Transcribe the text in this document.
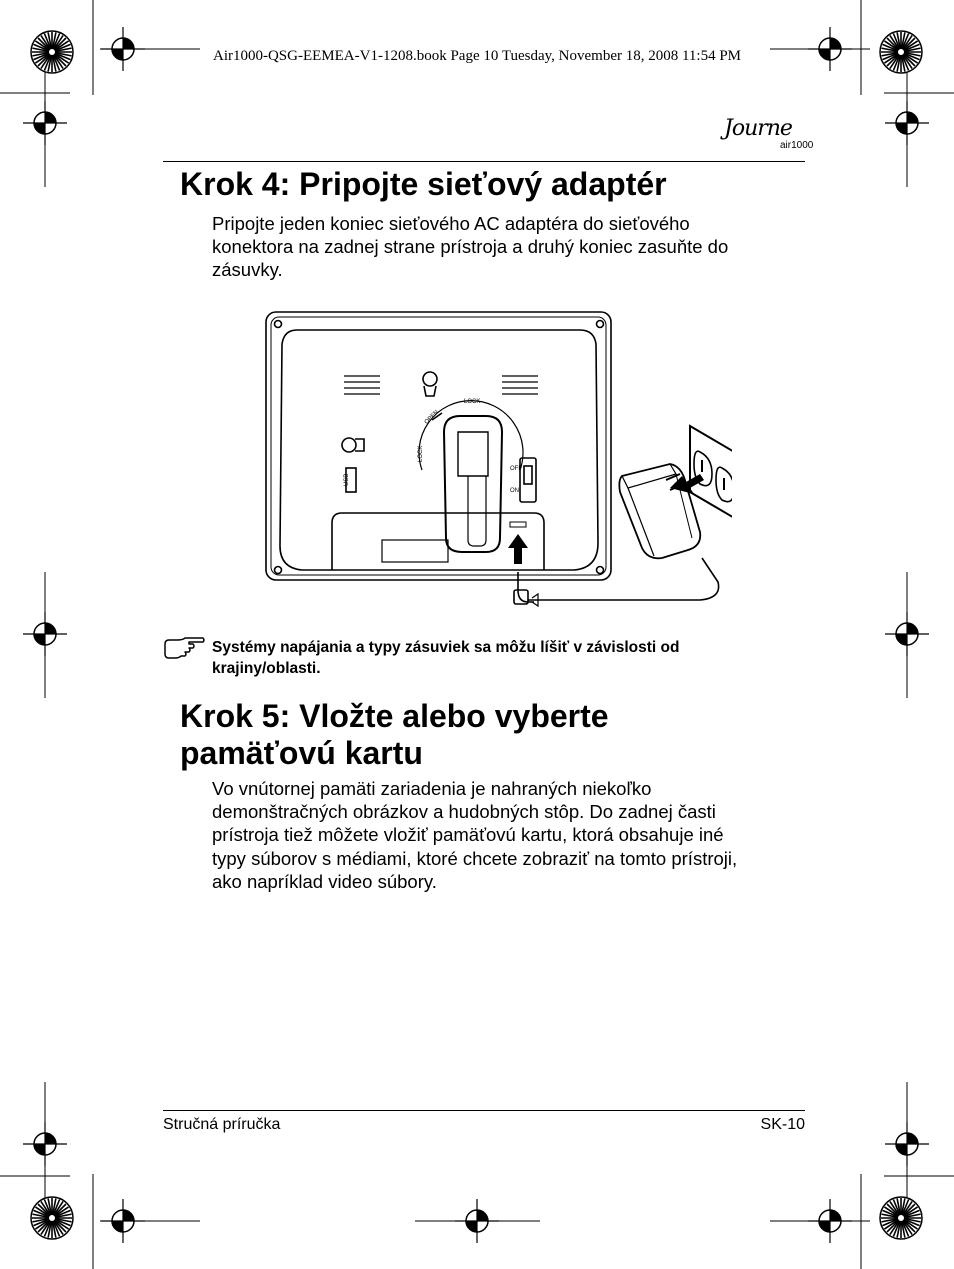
Air1000-QSG-EEMEA-V1-1208.book Page 10 Tuesday, November 18, 2008 11:54 PM
Journe
air1000
Krok 4: Pripojte sieťový adaptér
Pripojte jeden koniec sieťového AC adaptéra do sieťového
konektora na zadnej strane prístroja a druhý koniec zasuňte do
zásuvky.
USB
LOCK
OPEN
LOCK
OFF
ON
Systémy napájania a typy zásuviek sa môžu líšiť v závislosti od
krajiny/oblasti.
Krok 5: Vložte alebo vyberte
pamäťovú kartu
Vo vnútornej pamäti zariadenia je nahraných niekoľko
demonštračných obrázkov a hudobných stôp. Do zadnej časti
prístroja tiež môžete vložiť pamäťovú kartu, ktorá obsahuje iné
typy súborov s médiami, ktoré chcete zobraziť na tomto prístroji,
ako napríklad video súbory.
Stručná príručka	SK-10
